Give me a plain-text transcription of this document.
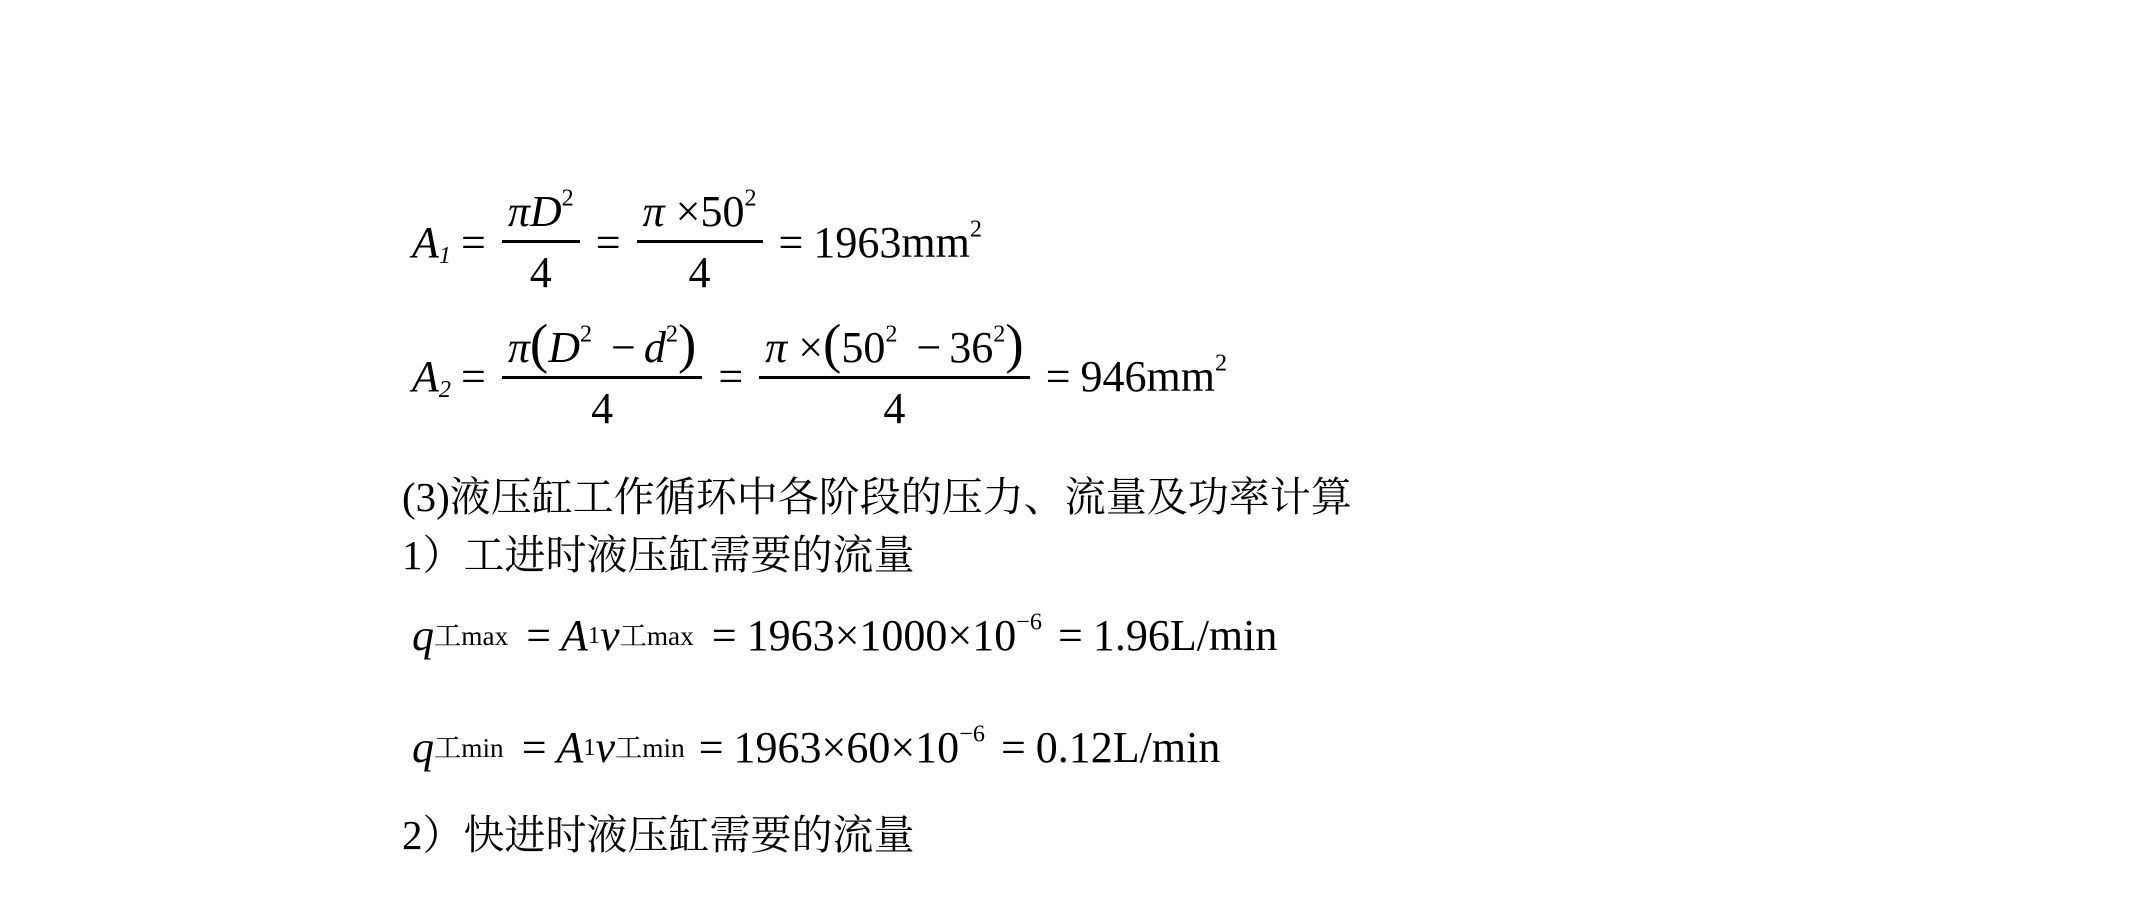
$A_1 = \frac{\pi D^2}{4} = \frac{\pi \times 50^2}{4} = 1963mm^2$
$A_2 = \frac{\pi(D^2 - d^2)}{4} = \frac{\pi \times(50^2 - 36^2)}{4} = 946mm^2$
(3)液压缸工作循环中各阶段的压力、流量及功率计算
1）工进时液压缸需要的流量
q 工 max = A 1 v 工 $\max = 1963\times 1000\times 10^{-6} = 1.96L/\min$
q 工 min = A 1 v 工 $\min = 1963\times 60\times 10^{-6} = 0.12L/\min$
2）快进时液压缸需要的流量
